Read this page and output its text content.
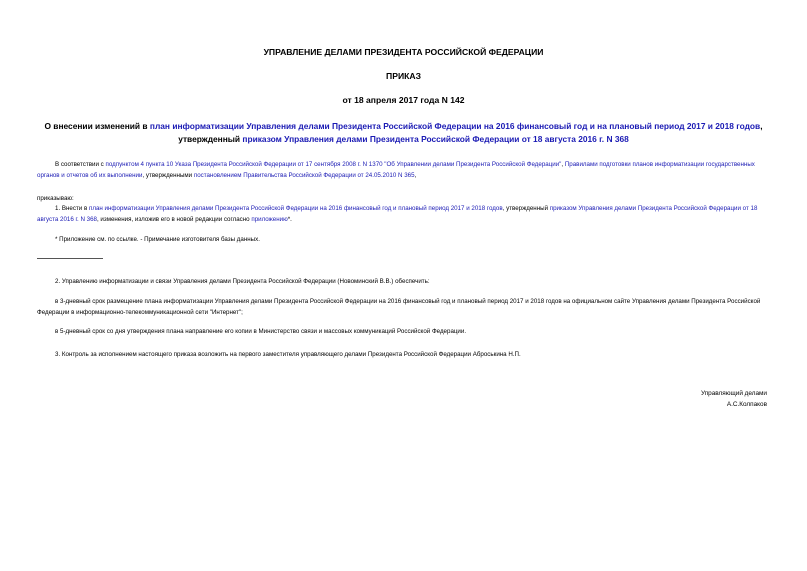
УПРАВЛЕНИЕ ДЕЛАМИ ПРЕЗИДЕНТА РОССИЙСКОЙ ФЕДЕРАЦИИ
ПРИКАЗ
от 18 апреля 2017 года N 142
О внесении изменений в план информатизации Управления делами Президента Российской Федерации на 2016 финансовый год и на плановый период 2017 и 2018 годов, утвержденный приказом Управления делами Президента Российской Федерации от 18 августа 2016 г. N 368
В соответствии с подпунктом 4 пункта 10 Указа Президента Российской Федерации от 17 сентября 2008 г. N 1370 "Об Управлении делами Президента Российской Федерации", Правилами подготовки планов информатизации государственных органов и отчетов об их выполнении, утвержденными постановлением Правительства Российской Федерации от 24.05.2010 N 365,
приказываю:
1. Внести в план информатизации Управления делами Президента Российской Федерации на 2016 финансовый год и плановый период 2017 и 2018 годов, утвержденный приказом Управления делами Президента Российской Федерации от 18 августа 2016 г. N 368, изменения, изложив его в новой редакции согласно приложению*.
* Приложение см. по ссылке. - Примечание изготовителя базы данных.
2. Управлению информатизации и связи Управления делами Президента Российской Федерации (Новоминский В.В.) обеспечить:
в 3-дневный срок размещение плана информатизации Управления делами Президента Российской Федерации на 2016 финансовый год и плановый период 2017 и 2018 годов на официальном сайте Управления делами Президента Российской Федерации в информационно-телекоммуникационной сети "Интернет";
в 5-дневный срок со дня утверждения плана направление его копии в Министерство связи и массовых коммуникаций Российской Федерации.
3. Контроль за исполнением настоящего приказа возложить на первого заместителя управляющего делами Президента Российской Федерации Аброськина Н.П.
Управляющий делами
А.С.Колпаков
